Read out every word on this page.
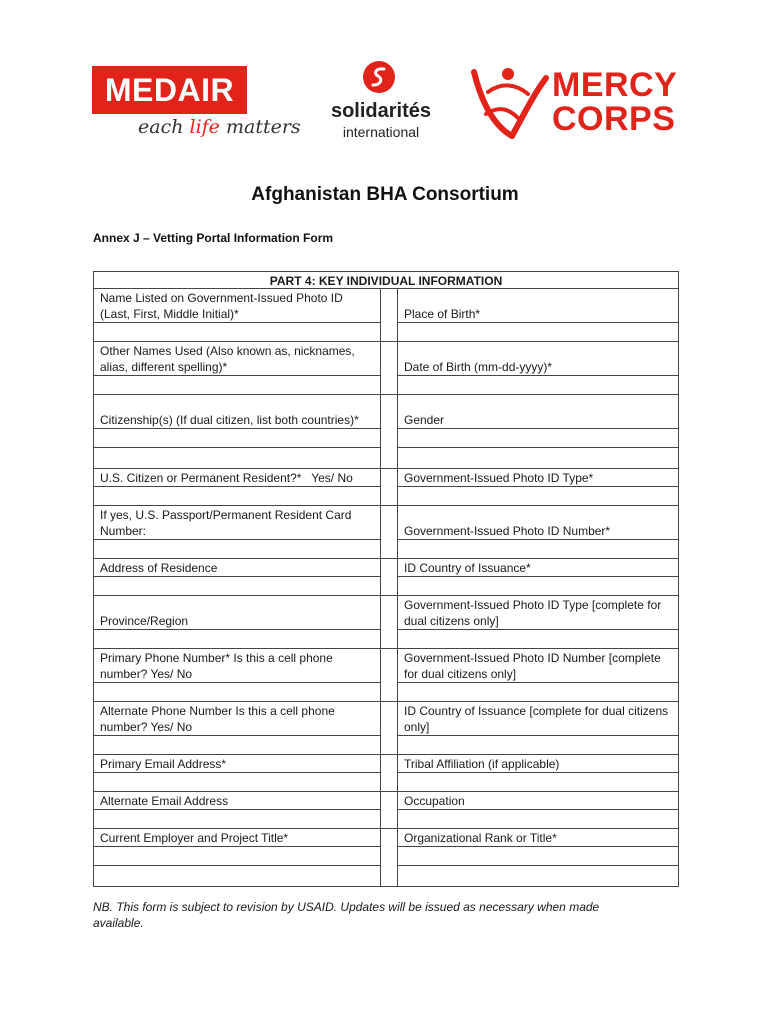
MEDAIR
each life matters
solidarités
international
MERCY
CORPS
Afghanistan BHA Consortium
Annex J – Vetting Portal Information Form
PART 4: KEY INDIVIDUAL INFORMATION		
Name Listed on Government-Issued Photo ID (Last, First, Middle Initial)*		Place of Birth*

Other Names Used (Also known as, nicknames, alias, different spelling)*		Date of Birth (mm-dd-yyyy)*

Citizenship(s) (If dual citizen, list both countries)*		Gender

U.S. Citizen or Permanent Resident?*   Yes/ No		Government-Issued Photo ID Type*

If yes, U.S. Passport/Permanent Resident Card Number:		Government-Issued Photo ID Number*

Address of Residence		ID Country of Issuance*

Province/Region		Government-Issued Photo ID Type [complete for dual citizens only]

Primary Phone Number* Is this a cell phone number? Yes/ No		Government-Issued Photo ID Number [complete for dual citizens only]

Alternate Phone Number Is this a cell phone number? Yes/ No		ID Country of Issuance [complete for dual citizens only]

Primary Email Address*		Tribal Affiliation (if applicable)

Alternate Email Address		Occupation

Current Employer and Project Title*		Organizational Rank or Title*

NB. This form is subject to revision by USAID. Updates will be issued as necessary when made available.
